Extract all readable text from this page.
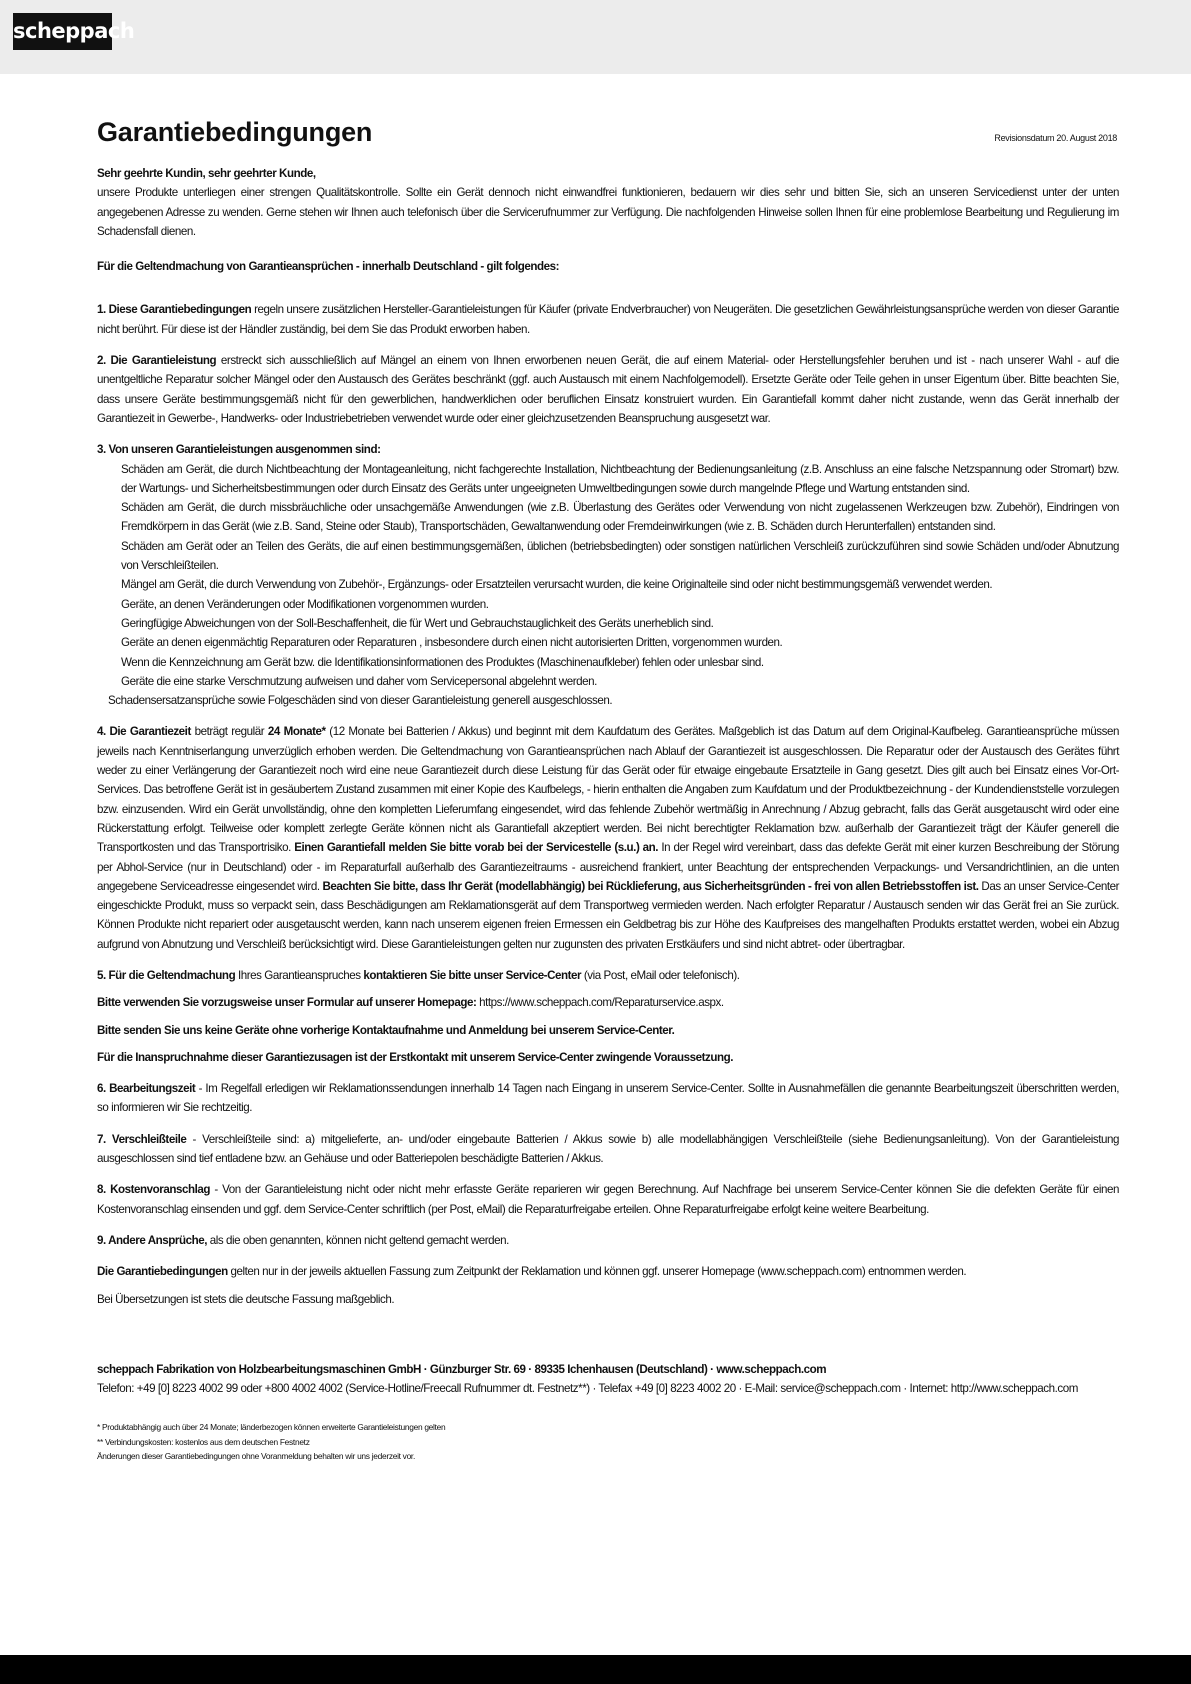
scheppach
Garantiebedingungen	Revisionsdatum 20. August 2018

Sehr geehrte Kundin, sehr geehrter Kunde,

unsere Produkte unterliegen einer strengen Qualitätskontrolle. Sollte ein Gerät dennoch nicht einwandfrei funktionieren, bedauern wir dies sehr und bitten Sie, sich an unseren Servicedienst unter der unten angegebenen Adresse zu wenden. Gerne stehen wir Ihnen auch telefonisch über die Servicerufnummer zur Verfügung. Die nachfolgenden Hinweise sollen Ihnen für eine problemlose Bearbeitung und Regulierung im Schadensfall dienen.

Für die Geltendmachung von Garantieansprüchen - innerhalb Deutschland - gilt folgendes:

1. Diese Garantiebedingungen regeln unsere zusätzlichen Hersteller-Garantieleistungen für Käufer (private Endverbraucher) von Neugeräten. Die gesetzlichen Gewährleistungsansprüche werden von dieser Garantie nicht berührt. Für diese ist der Händler zuständig, bei dem Sie das Produkt erworben haben.

2. Die Garantieleistung erstreckt sich ausschließlich auf Mängel an einem von Ihnen erworbenen neuen Gerät, die auf einem Material- oder Herstellungsfehler beruhen und ist - nach unserer Wahl - auf die unentgeltliche Reparatur solcher Mängel oder den Austausch des Gerätes beschränkt (ggf. auch Austausch mit einem Nachfolgemodell). Ersetzte Geräte oder Teile gehen in unser Eigentum über. Bitte beachten Sie, dass unsere Geräte bestimmungsgemäß nicht für den gewerblichen, handwerklichen oder beruflichen Einsatz konstruiert wurden. Ein Garantiefall kommt daher nicht zustande, wenn das Gerät innerhalb der Garantiezeit in Gewerbe-, Handwerks- oder Industriebetrieben verwendet wurde oder einer gleichzusetzenden Beanspruchung ausgesetzt war.

3. Von unseren Garantieleistungen ausgenommen sind:

Schäden am Gerät, die durch Nichtbeachtung der Montageanleitung, nicht fachgerechte Installation, Nichtbeachtung der Bedienungsanleitung (z.B. Anschluss an eine falsche Netzspannung oder Stromart) bzw. der Wartungs- und Sicherheitsbestimmungen oder durch Einsatz des Geräts unter ungeeigneten Umweltbedingungen sowie durch mangelnde Pflege und Wartung entstanden sind.

Schäden am Gerät, die durch missbräuchliche oder unsachgemäße Anwendungen (wie z.B. Überlastung des Gerätes oder Verwendung von nicht zugelassenen Werkzeugen bzw. Zubehör), Eindringen von Fremdkörpern in das Gerät (wie z.B. Sand, Steine oder Staub), Transportschäden, Gewaltanwendung oder Fremdeinwirkungen (wie z. B. Schäden durch Herunterfallen) entstanden sind.

Schäden am Gerät oder an Teilen des Geräts, die auf einen bestimmungsgemäßen, üblichen (betriebsbedingten) oder sonstigen natürlichen Verschleiß zurückzuführen sind sowie Schäden und/oder Abnutzung von Verschleißteilen.

Mängel am Gerät, die durch Verwendung von Zubehör-, Ergänzungs- oder Ersatzteilen verursacht wurden, die keine Originalteile sind oder nicht bestimmungsgemäß verwendet werden.

Geräte, an denen Veränderungen oder Modifikationen vorgenommen wurden.

Geringfügige Abweichungen von der Soll-Beschaffenheit, die für Wert und Gebrauchstauglichkeit des Geräts unerheblich sind.

Geräte an denen eigenmächtig Reparaturen oder Reparaturen , insbesondere durch einen nicht autorisierten Dritten, vorgenommen wurden.

Wenn die Kennzeichnung am Gerät bzw. die Identifikationsinformationen des Produktes (Maschinenaufkleber) fehlen oder unlesbar sind.

Geräte die eine starke Verschmutzung aufweisen und daher vom Servicepersonal abgelehnt werden.

Schadensersatzansprüche sowie Folgeschäden sind von dieser Garantieleistung generell ausgeschlossen.

4. Die Garantiezeit beträgt regulär 24 Monate* (12 Monate bei Batterien / Akkus) und beginnt mit dem Kaufdatum des Gerätes. Maßgeblich ist das Datum auf dem Original-Kaufbeleg. Garantieansprüche müssen jeweils nach Kenntniserlangung unverzüglich erhoben werden. Die Geltendmachung von Garantieansprüchen nach Ablauf der Garantiezeit ist ausgeschlossen. Die Reparatur oder der Austausch des Gerätes führt weder zu einer Verlängerung der Garantiezeit noch wird eine neue Garantiezeit durch diese Leistung für das Gerät oder für etwaige eingebaute Ersatzteile in Gang gesetzt. Dies gilt auch bei Einsatz eines Vor-Ort-Services. Das betroffene Gerät ist in gesäubertem Zustand zusammen mit einer Kopie des Kaufbelegs, - hierin enthalten die Angaben zum Kaufdatum und der Produktbezeichnung - der Kundendienststelle vorzulegen bzw. einzusenden. Wird ein Gerät unvollständig, ohne den kompletten Lieferumfang eingesendet, wird das fehlende Zubehör wertmäßig in Anrechnung / Abzug gebracht, falls das Gerät ausgetauscht wird oder eine Rückerstattung erfolgt. Teilweise oder komplett zerlegte Geräte können nicht als Garantiefall akzeptiert werden. Bei nicht berechtigter Reklamation bzw. außerhalb der Garantiezeit trägt der Käufer generell die Transportkosten und das Transportrisiko. Einen Garantiefall melden Sie bitte vorab bei der Servicestelle (s.u.) an. In der Regel wird vereinbart, dass das defekte Gerät mit einer kurzen Beschreibung der Störung per Abhol-Service (nur in Deutschland) oder - im Reparaturfall außerhalb des Garantiezeitraums - ausreichend frankiert, unter Beachtung der entsprechenden Verpackungs- und Versandrichtlinien, an die unten angegebene Serviceadresse eingesendet wird. Beachten Sie bitte, dass Ihr Gerät (modellabhängig) bei Rücklieferung, aus Sicherheitsgründen - frei von allen Betriebsstoffen ist. Das an unser Service-Center eingeschickte Produkt, muss so verpackt sein, dass Beschädigungen am Reklamationsgerät auf dem Transportweg vermieden werden. Nach erfolgter Reparatur / Austausch senden wir das Gerät frei an Sie zurück. Können Produkte nicht repariert oder ausgetauscht werden, kann nach unserem eigenen freien Ermessen ein Geldbetrag bis zur Höhe des Kaufpreises des mangelhaften Produkts erstattet werden, wobei ein Abzug aufgrund von Abnutzung und Verschleiß berücksichtigt wird. Diese Garantieleistungen gelten nur zugunsten des privaten Erstkäufers und sind nicht abtret- oder übertragbar.

5. Für die Geltendmachung Ihres Garantieanspruches kontaktieren Sie bitte unser Service-Center (via Post, eMail oder telefonisch).

Bitte verwenden Sie vorzugsweise unser Formular auf unserer Homepage: https://www.scheppach.com/Reparaturservice.aspx.

Bitte senden Sie uns keine Geräte ohne vorherige Kontaktaufnahme und Anmeldung bei unserem Service-Center.

Für die Inanspruchnahme dieser Garantiezusagen ist der Erstkontakt mit unserem Service-Center zwingende Voraussetzung.

6. Bearbeitungszeit - Im Regelfall erledigen wir Reklamationssendungen innerhalb 14 Tagen nach Eingang in unserem Service-Center. Sollte in Ausnahmefällen die genannte Bearbeitungszeit überschritten werden, so informieren wir Sie rechtzeitig.

7. Verschleißteile - Verschleißteile sind: a) mitgelieferte, an- und/oder eingebaute Batterien / Akkus sowie b) alle modellabhängigen Verschleißteile (siehe Bedienungsanleitung). Von der Garantieleistung ausgeschlossen sind tief entladene bzw. an Gehäuse und oder Batteriepolen beschädigte Batterien / Akkus.

8. Kostenvoranschlag - Von der Garantieleistung nicht oder nicht mehr erfasste Geräte reparieren wir gegen Berechnung. Auf Nachfrage bei unserem Service-Center können Sie die defekten Geräte für einen Kostenvoranschlag einsenden und ggf. dem Service-Center schriftlich (per Post, eMail) die Reparaturfreigabe erteilen. Ohne Reparaturfreigabe erfolgt keine weitere Bearbeitung.

9. Andere Ansprüche, als die oben genannten, können nicht geltend gemacht werden.

Die Garantiebedingungen gelten nur in der jeweils aktuellen Fassung zum Zeitpunkt der Reklamation und können ggf. unserer Homepage (www.scheppach.com) entnommen werden.

Bei Übersetzungen ist stets die deutsche Fassung maßgeblich.

scheppach Fabrikation von Holzbearbeitungsmaschinen GmbH · Günzburger Str. 69 · 89335 Ichenhausen (Deutschland) · www.scheppach.com

Telefon: +49 [0] 8223 4002 99 oder +800 4002 4002 (Service-Hotline/Freecall Rufnummer dt. Festnetz**) · Telefax +49 [0] 8223 4002 20 · E-Mail: service@scheppach.com · Internet: http://www.scheppach.com

* Produktabhängig auch über 24 Monate; länderbezogen können erweiterte Garantieleistungen gelten

** Verbindungskosten: kostenlos aus dem deutschen Festnetz

Änderungen dieser Garantiebedingungen ohne Voranmeldung behalten wir uns jederzeit vor.
